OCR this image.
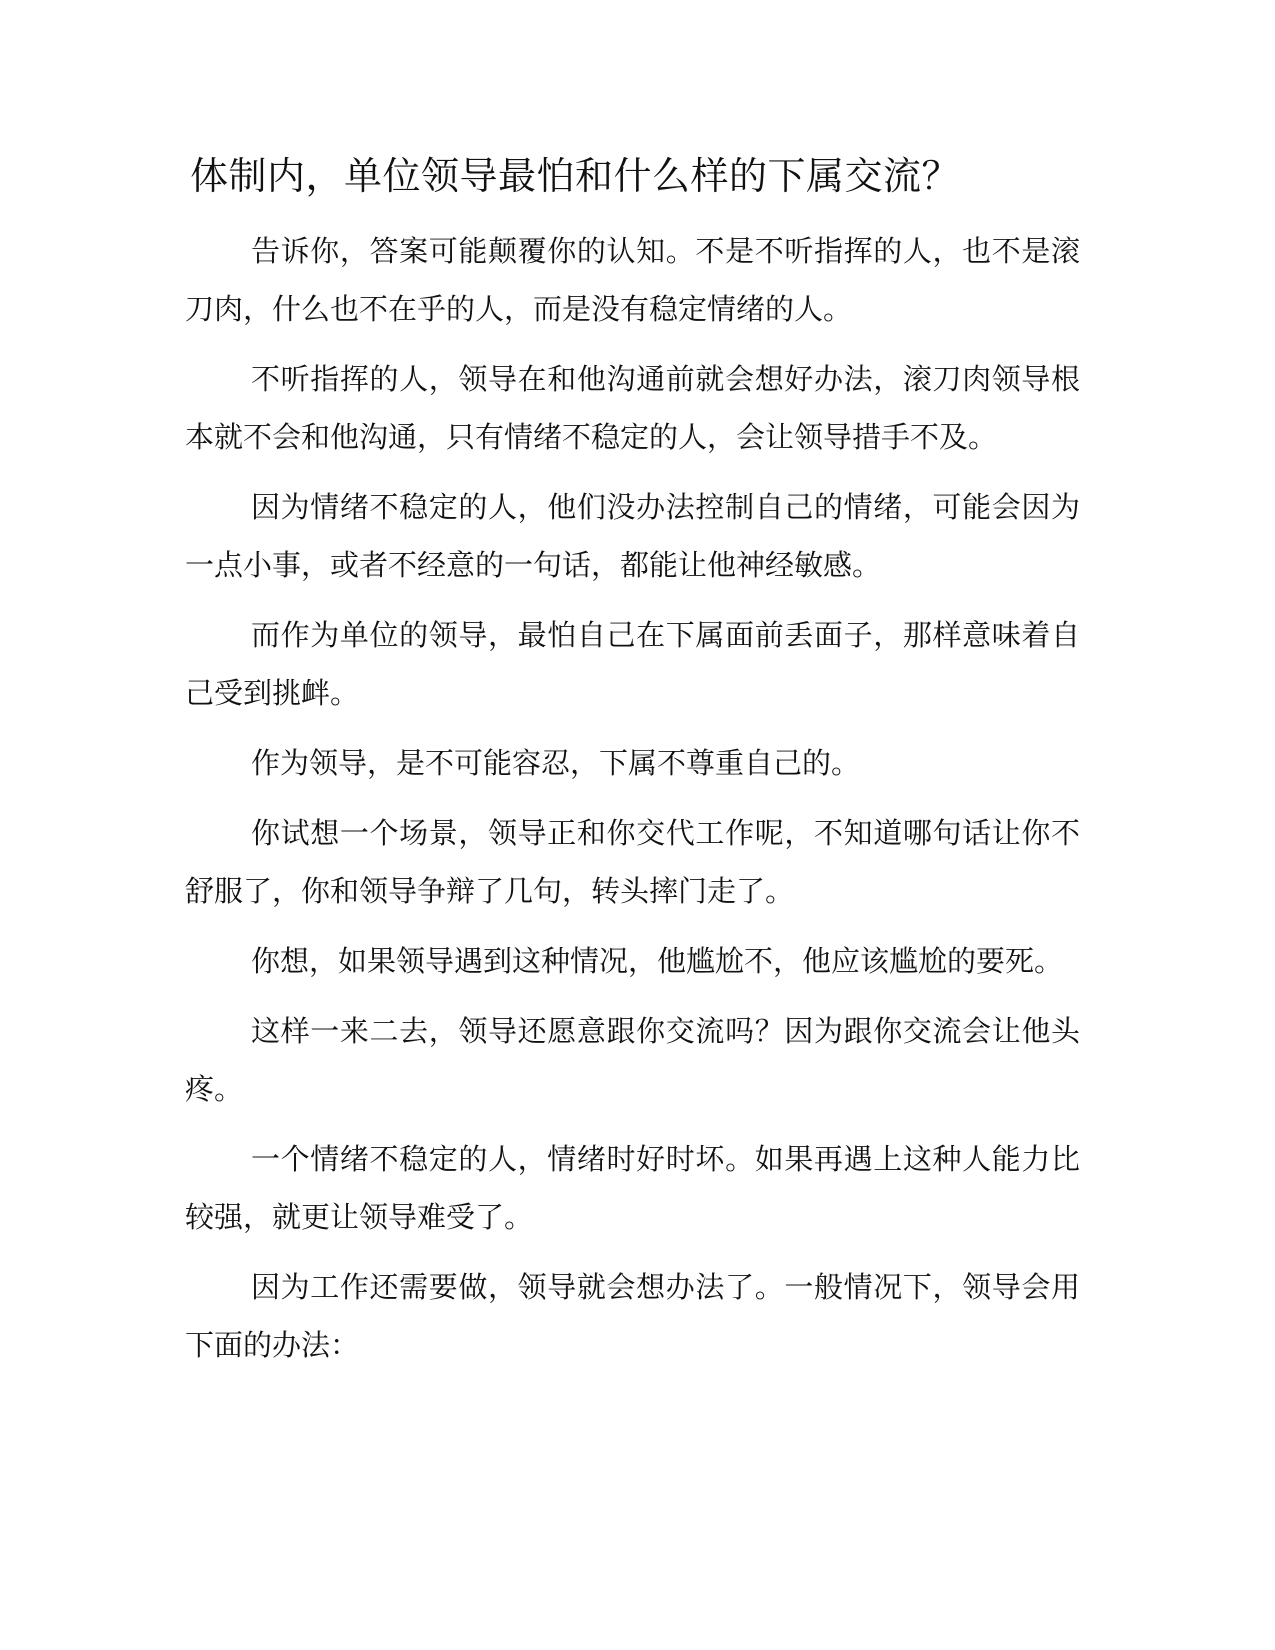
体制内，单位领导最怕和什么样的下属交流？

告诉你，答案可能颠覆你的认知。不是不听指挥的人，也不是滚刀肉，什么也不在乎的人，而是没有稳定情绪的人。

不听指挥的人，领导在和他沟通前就会想好办法，滚刀肉领导根本就不会和他沟通，只有情绪不稳定的人，会让领导措手不及。

因为情绪不稳定的人，他们没办法控制自己的情绪，可能会因为一点小事，或者不经意的一句话，都能让他神经敏感。

而作为单位的领导，最怕自己在下属面前丢面子，那样意味着自己受到挑衅。

作为领导，是不可能容忍，下属不尊重自己的。

你试想一个场景，领导正和你交代工作呢，不知道哪句话让你不舒服了，你和领导争辩了几句，转头摔门走了。

你想，如果领导遇到这种情况，他尴尬不，他应该尴尬的要死。

这样一来二去，领导还愿意跟你交流吗？因为跟你交流会让他头疼。

一个情绪不稳定的人，情绪时好时坏。如果再遇上这种人能力比较强，就更让领导难受了。

因为工作还需要做，领导就会想办法了。一般情况下，领导会用下面的办法：
